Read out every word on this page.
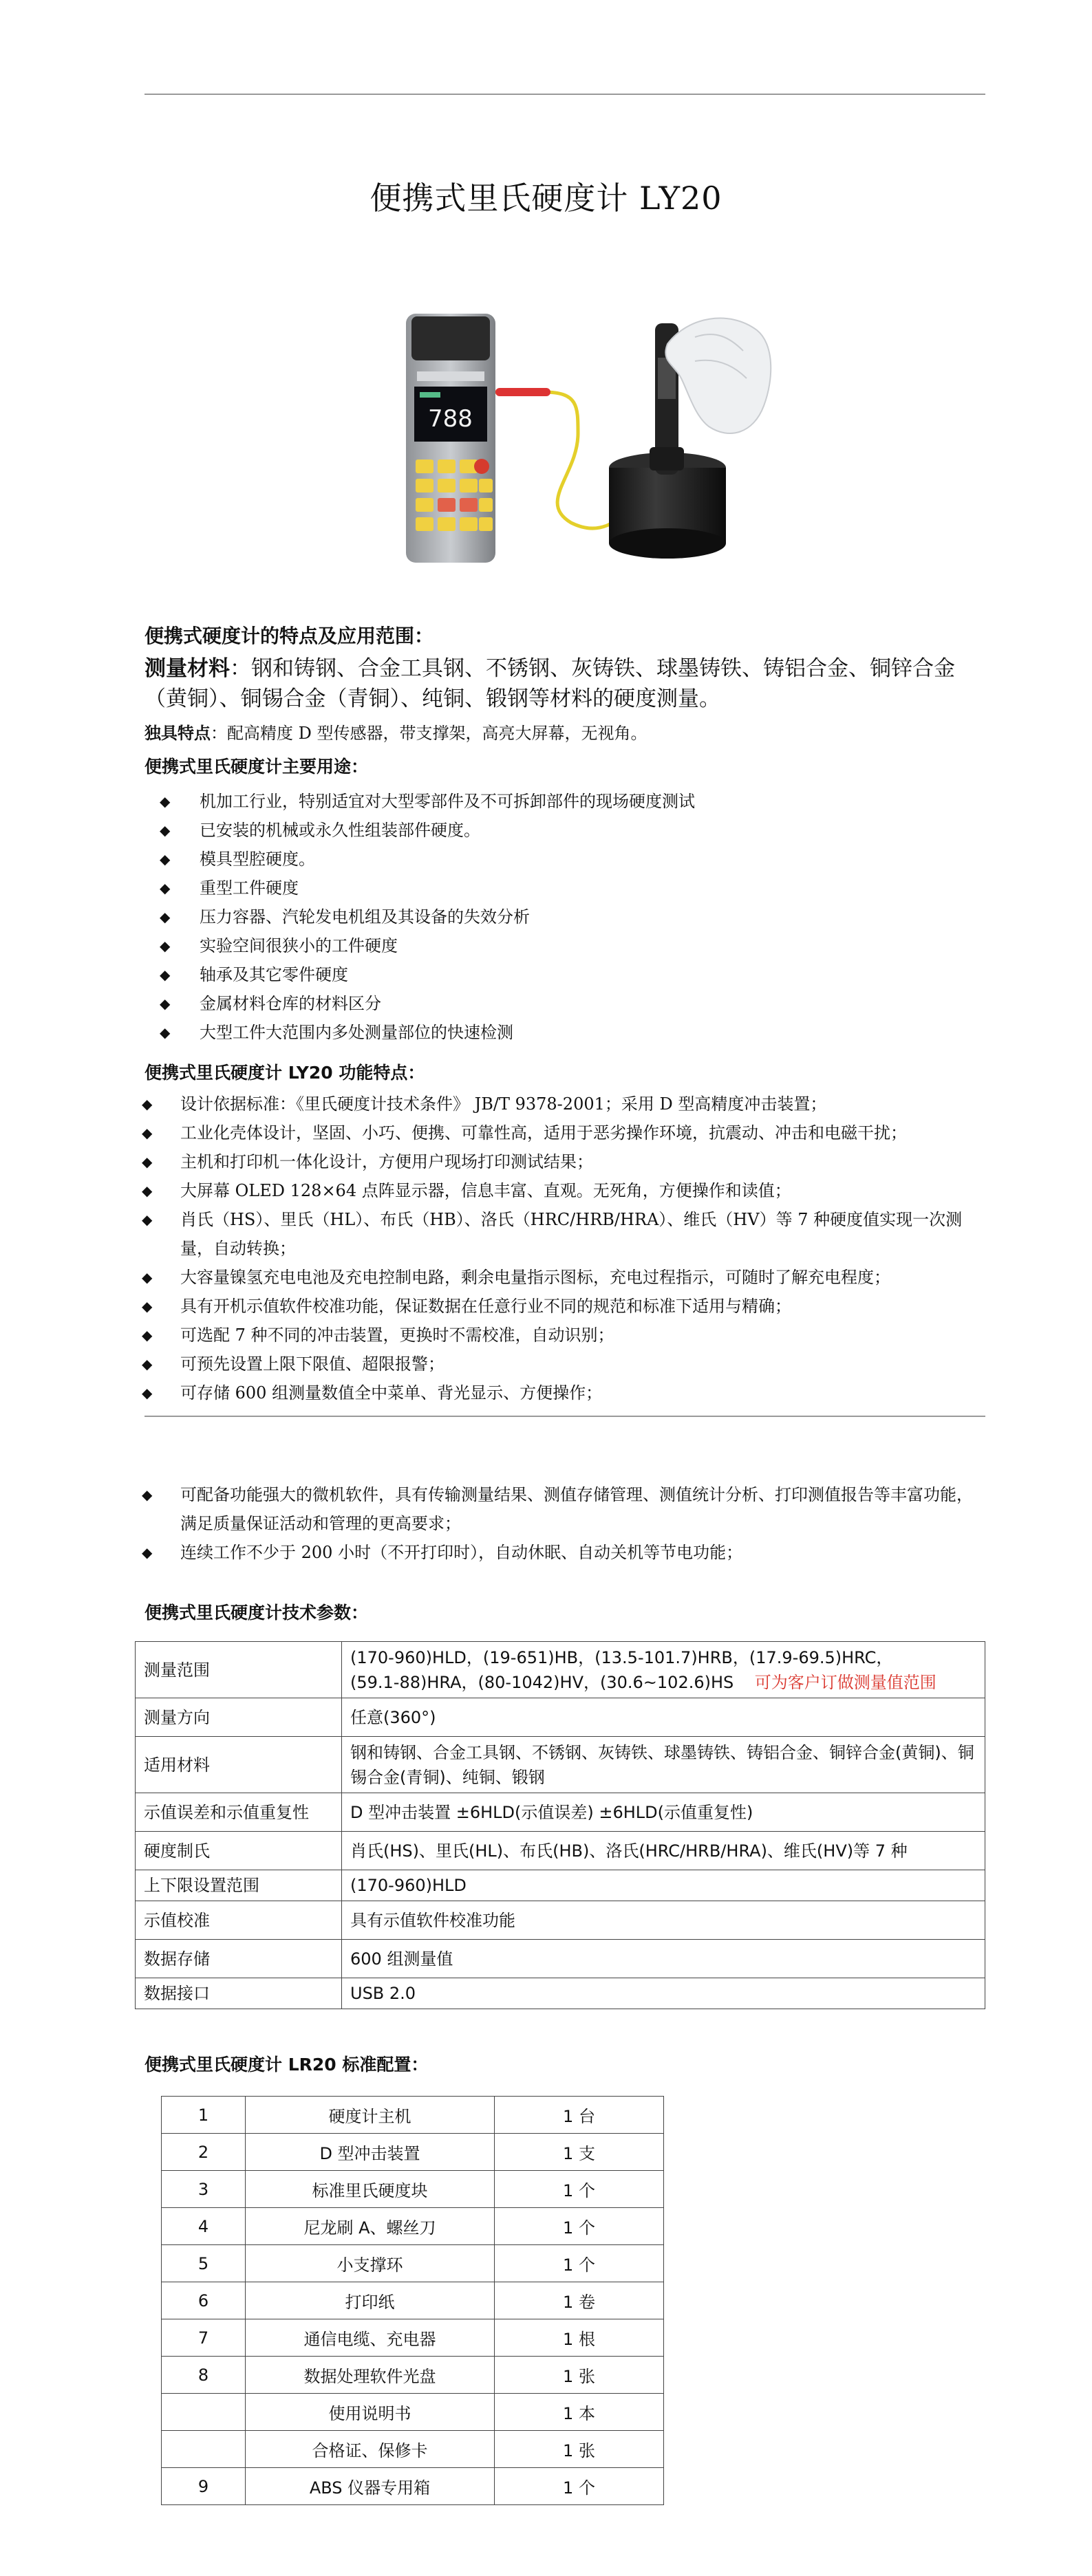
便携式里氏硬度计 LY20
788
便携式硬度计的特点及应用范围：
测量材料：钢和铸钢、合金工具钢、不锈钢、灰铸铁、球墨铸铁、铸铝合金、铜锌合金（黄铜）、铜锡合金（青铜）、纯铜、锻钢等材料的硬度测量。
独具特点：配高精度 D 型传感器，带支撑架，高亮大屏幕，无视角。
便携式里氏硬度计主要用途：
◆ 机加工行业，特别适宜对大型零部件及不可拆卸部件的现场硬度测试
◆ 已安装的机械或永久性组装部件硬度。
◆ 模具型腔硬度。
◆ 重型工件硬度
◆ 压力容器、汽轮发电机组及其设备的失效分析
◆ 实验空间很狭小的工件硬度
◆ 轴承及其它零件硬度
◆ 金属材料仓库的材料区分
◆ 大型工件大范围内多处测量部位的快速检测
便携式里氏硬度计 LY20 功能特点：
◆ 设计依据标准：《里氏硬度计技术条件》 JB/T 9378-2001；采用 D 型高精度冲击装置；
◆ 工业化壳体设计，坚固、小巧、便携、可靠性高，适用于恶劣操作环境，抗震动、冲击和电磁干扰；
◆ 主机和打印机一体化设计，方便用户现场打印测试结果；
◆ 大屏幕 OLED 128×64 点阵显示器，信息丰富、直观。无死角，方便操作和读值；
◆ 肖氏（HS）、里氏（HL）、布氏（HB）、洛氏（HRC/HRB/HRA）、维氏（HV）等 7 种硬度值实现一次测量，自动转换；
◆ 大容量镍氢充电电池及充电控制电路，剩余电量指示图标，充电过程指示，可随时了解充电程度；
◆ 具有开机示值软件校准功能，保证数据在任意行业不同的规范和标准下适用与精确；
◆ 可选配 7 种不同的冲击装置，更换时不需校准，自动识别；
◆ 可预先设置上限下限值、超限报警；
◆ 可存储 600 组测量数值全中菜单、背光显示、方便操作；
◆ 可配备功能强大的微机软件，具有传输测量结果、测值存储管理、测值统计分析、打印测值报告等丰富功能，满足质量保证活动和管理的更高要求；
◆ 连续工作不少于 200 小时（不开打印时），自动休眠、自动关机等节电功能；
便携式里氏硬度计技术参数：
测量范围	(170-960)HLD，(19-651)HB，(13.5-101.7)HRB，(17.9-69.5)HRC，
(59.1-88)HRA，(80-1042)HV，(30.6~102.6)HS 可为客户订做测量值范围
测量方向	任意(360°)
适用材料	钢和铸钢、合金工具钢、不锈钢、灰铸铁、球墨铸铁、铸铝合金、铜锌合金(黄铜)、铜锡合金(青铜)、纯铜、锻钢
示值误差和示值重复性	D 型冲击装置 ±6HLD(示值误差) ±6HLD(示值重复性)
硬度制氏	肖氏(HS)、里氏(HL)、布氏(HB)、洛氏(HRC/HRB/HRA)、维氏(HV)等 7 种
上下限设置范围	(170-960)HLD
示值校准	具有示值软件校准功能
数据存储	600 组测量值
数据接口	USB 2.0
便携式里氏硬度计 LR20 标准配置：
1	硬度计主机	1 台
2	D 型冲击装置	1 支
3	标准里氏硬度块	1 个
4	尼龙刷 A、螺丝刀	1 个
5	小支撑环	1 个
6	打印纸	1 卷
7	通信电缆、充电器	1 根
8	数据处理软件光盘	1 张
	使用说明书	1 本
	合格证、保修卡	1 张
9	ABS 仪器专用箱	1 个
